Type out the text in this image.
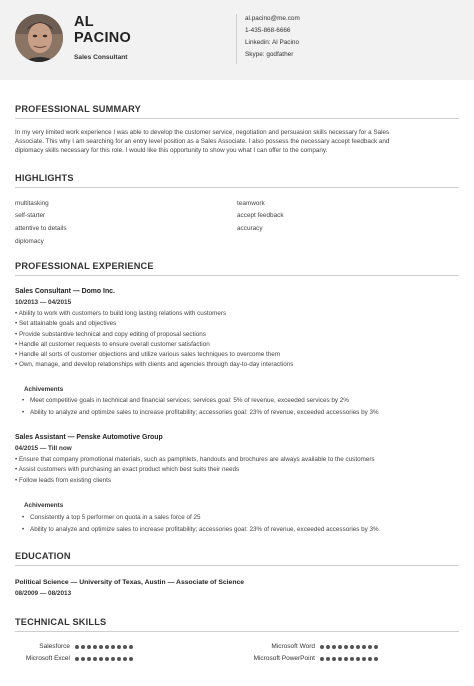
AL
PACINO
Sales Consultant
al.pacino@me.com
1-435-868-6666
Linkedin: Al Pacino
Skype: godfather
PROFESSIONAL SUMMARY
In my very limited work experience I was able to develop the customer service, negotiation and persuasion skills necessary for a Sales
Associate. This why I am searching for an entry level position as a Sales Associate. I also possess the necessary accept feedback and
diplomacy skills necessary for this role. I would like this opportunity to show you what I can offer to the company.
HIGHLIGHTS
multitasking
self-starter
attentive to details
diplomacy
teamwork
accept feedback
accuracy
PROFESSIONAL EXPERIENCE
Sales Consultant — Domo Inc.
10/2013 — 04/2015
• Ability to work with customers to build long lasting relations with customers
• Set attainable goals and objectives
• Provide substantive technical and copy editing of proposal sections
• Handle all customer requests to ensure overall customer satisfaction
• Handle all sorts of customer objections and utilize various sales techniques to overcome them
• Own, manage, and develop relationships with clients and agencies through day-to-day interactions
Achivements
• Meet competitive goals in technical and financial services; services goal: 5% of revenue, exceeded services by 2%
• Ability to analyze and optimize sales to increase profitability; accessories goal: 23% of revenue, exceeded accessories by 3%
Sales Assistant — Penske Automotive Group
04/2015 — Till now
• Ensure that company promotional materials, such as pamphlets, handouts and brochures are always available to the customers
• Assist customers with purchasing an exact product which best suits their needs
• Follow leads from existing clients
Achivements
• Consistently a top 5 performer on quota in a sales force of 25
• Ability to analyze and optimize sales to increase profitability; accessories goal: 23% of revenue, exceeded accessories by 3%
EDUCATION
Political Science — University of Texas, Austin — Associate of Science
08/2009 — 08/2013
TECHNICAL SKILLS
Salesforce	Microsoft Word
Microsoft Excel	Microsoft PowerPoint
